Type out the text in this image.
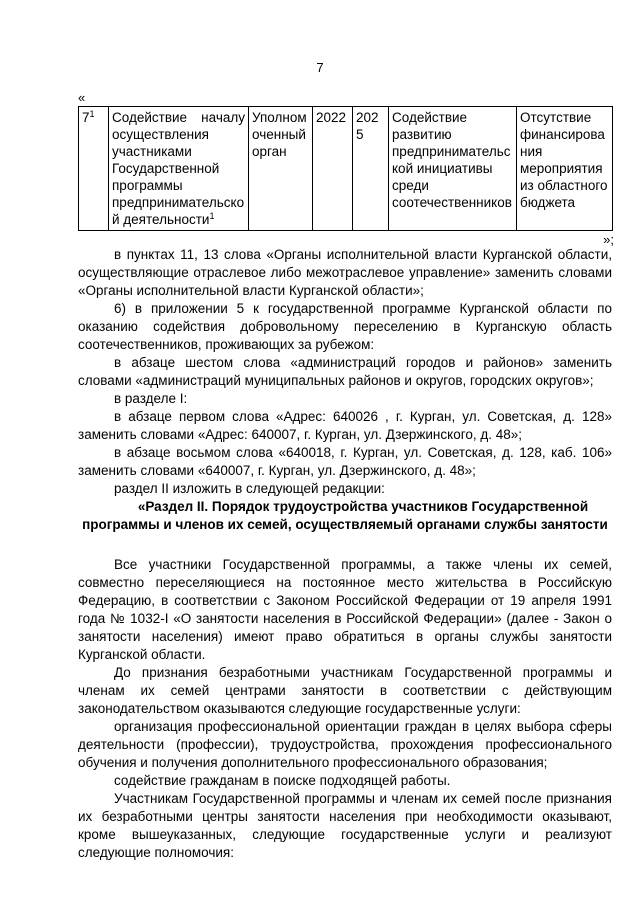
7
«
$7^1$	Содействие началу осуществления участниками Государственной программы предпринимательской деятельности$^1$	Уполномоченный орган	2022	2025	Содействие развитию предпринимательской инициативы среди соотечественников	Отсутствие финансирования мероприятия из областного бюджета
»;

в пунктах 11, 13 слова «Органы исполнительной власти Курганской области, осуществляющие отраслевое либо межотраслевое управление» заменить словами «Органы исполнительной власти Курганской области»;

6) в приложении 5 к государственной программе Курганской области по оказанию содействия добровольному переселению в Курганскую область соотечественников, проживающих за рубежом:

в абзаце шестом слова «администраций городов и районов» заменить словами «администраций муниципальных районов и округов, городских округов»;

в разделе I:

в абзаце первом слова «Адрес: 640026 , г. Курган, ул. Советская, д. 128» заменить словами «Адрес: 640007, г. Курган, ул. Дзержинского, д. 48»;

в абзаце восьмом слова «640018, г. Курган, ул. Советская, д. 128, каб. 106» заменить словами «640007, г. Курган, ул. Дзержинского, д. 48»;

раздел II изложить в следующей редакции:

«Раздел II. Порядок трудоустройства участников Государственной программы и членов их семей, осуществляемый органами службы занятости

Все участники Государственной программы, а также члены их семей, совместно переселяющиеся на постоянное место жительства в Российскую Федерацию, в соответствии с Законом Российской Федерации от 19 апреля 1991 года № 1032-I «О занятости населения в Российской Федерации» (далее - Закон о занятости населения) имеют право обратиться в органы службы занятости Курганской области.

До признания безработными участникам Государственной программы и членам их семей центрами занятости в соответствии с действующим законодательством оказываются следующие государственные услуги:

организация профессиональной ориентации граждан в целях выбора сферы деятельности (профессии), трудоустройства, прохождения профессионального обучения и получения дополнительного профессионального образования;

содействие гражданам в поиске подходящей работы.

Участникам Государственной программы и членам их семей после признания их безработными центры занятости населения при необходимости оказывают, кроме вышеуказанных, следующие государственные услуги и реализуют следующие полномочия:
